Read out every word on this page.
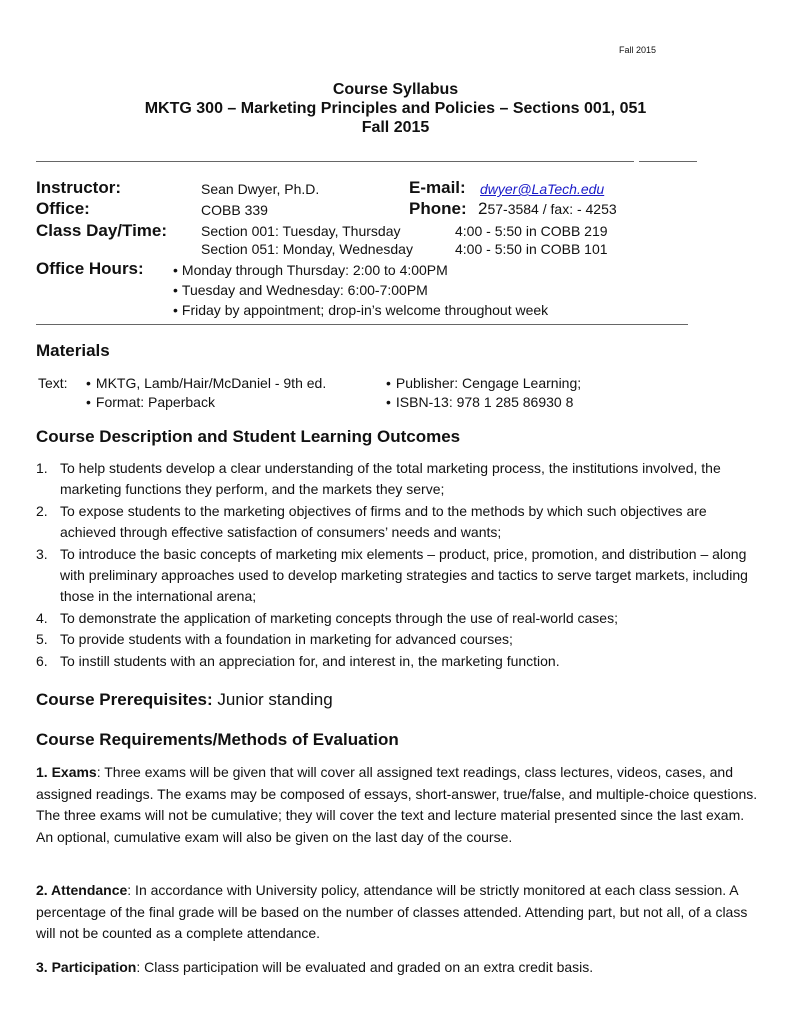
Fall 2015
Course Syllabus
MKTG 300 – Marketing Principles and Policies – Sections 001, 051
Fall 2015
Instructor:	Sean Dwyer, Ph.D.
Office:	COBB 339
E-mail: dwyer@LaTech.edu
Phone: 257-3584 / fax: - 4253
Class Day/Time: Section 001: Tuesday, Thursday	4:00 - 5:50 in COBB 219
Section 051: Monday, Wednesday	4:00 - 5:50 in COBB 101
Office Hours:	• Monday through Thursday: 2:00 to 4:00PM
• Tuesday and Wednesday: 6:00-7:00PM
• Friday by appointment; drop-in’s welcome throughout week
Materials
Text:	• MKTG, Lamb/Hair/McDaniel - 9th ed.
• Format: Paperback
• Publisher: Cengage Learning;
• ISBN-13: 978 1 285 86930 8
Course Description and Student Learning Outcomes
1. To help students develop a clear understanding of the total marketing process, the institutions involved, the marketing functions they perform, and the markets they serve;
2. To expose students to the marketing objectives of firms and to the methods by which such objectives are achieved through effective satisfaction of consumers’ needs and wants;
3. To introduce the basic concepts of marketing mix elements – product, price, promotion, and distribution – along with preliminary approaches used to develop marketing strategies and tactics to serve target markets, including those in the international arena;
4. To demonstrate the application of marketing concepts through the use of real-world cases;
5. To provide students with a foundation in marketing for advanced courses;
6. To instill students with an appreciation for, and interest in, the marketing function.
Course Prerequisites: Junior standing
Course Requirements/Methods of Evaluation

1. Exams: Three exams will be given that will cover all assigned text readings, class lectures, videos, cases, and assigned readings. The exams may be composed of essays, short-answer, true/false, and multiple-choice questions. The three exams will not be cumulative; they will cover the text and lecture material presented since the last exam. An optional, cumulative exam will also be given on the last day of the course.

2. Attendance: In accordance with University policy, attendance will be strictly monitored at each class session. A percentage of the final grade will be based on the number of classes attended. Attending part, but not all, of a class will not be counted as a complete attendance.

3. Participation: Class participation will be evaluated and graded on an extra credit basis.
